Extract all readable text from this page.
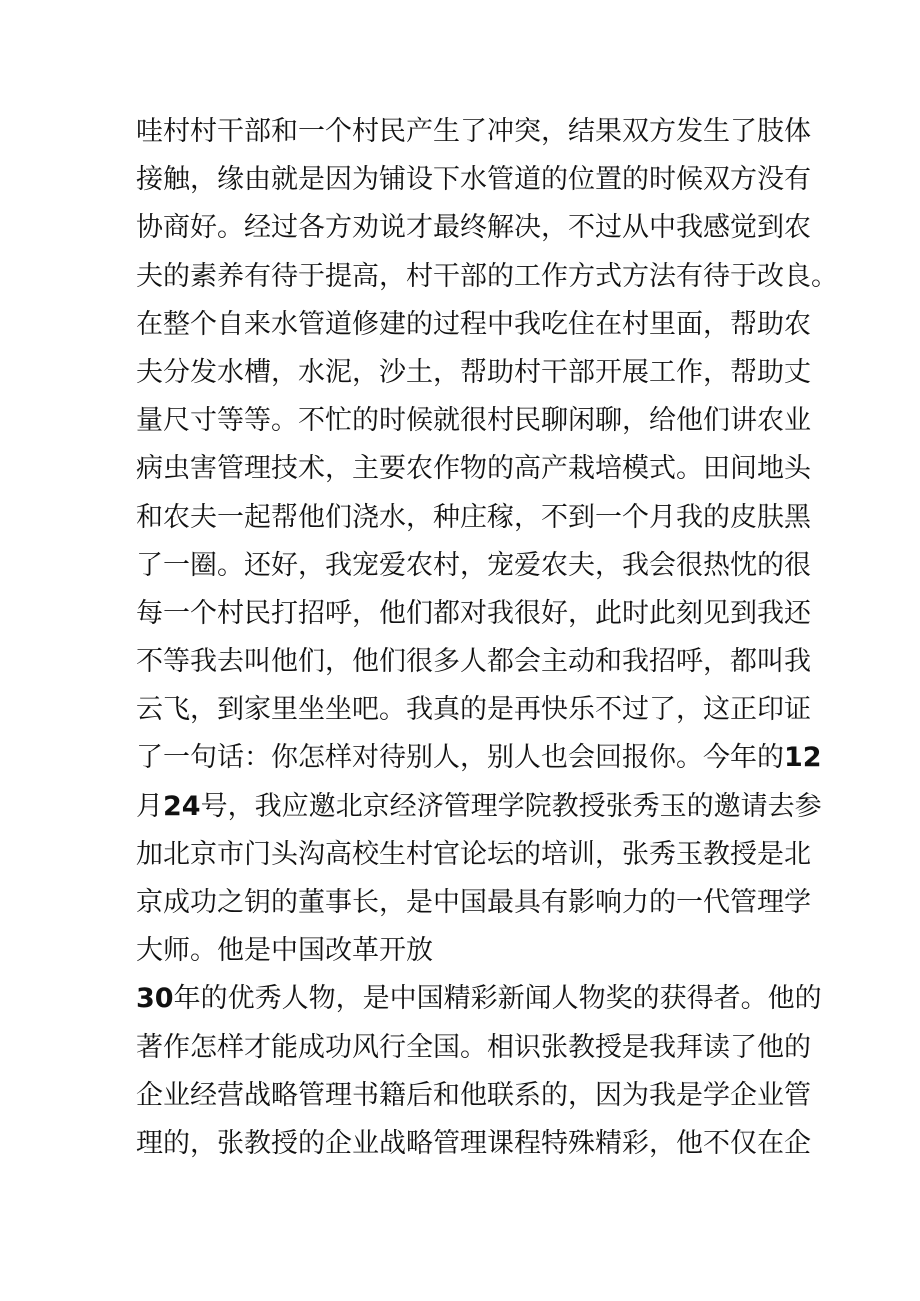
哇村村干部和一个村民产生了冲突，结果双方发生了肢体
接触，缘由就是因为铺设下水管道的位置的时候双方没有
协商好。经过各方劝说才最终解决，不过从中我感觉到农
夫的素养有待于提高，村干部的工作方式方法有待于改良。
在整个自来水管道修建的过程中我吃住在村里面，帮助农
夫分发水槽，水泥，沙土，帮助村干部开展工作，帮助丈
量尺寸等等。不忙的时候就很村民聊闲聊，给他们讲农业
病虫害管理技术，主要农作物的高产栽培模式。田间地头
和农夫一起帮他们浇水，种庄稼，不到一个月我的皮肤黑
了一圈。还好，我宠爱农村，宠爱农夫，我会很热忱的很
每一个村民打招呼，他们都对我很好，此时此刻见到我还
不等我去叫他们，他们很多人都会主动和我招呼，都叫我
云飞，到家里坐坐吧。我真的是再快乐不过了，这正印证
了一句话：你怎样对待别人，别人也会回报你。今年的12
月24号，我应邀北京经济管理学院教授张秀玉的邀请去参
加北京市门头沟高校生村官论坛的培训，张秀玉教授是北
京成功之钥的董事长，是中国最具有影响力的一代管理学
大师。他是中国改革开放
30年的优秀人物，是中国精彩新闻人物奖的获得者。他的
著作怎样才能成功风行全国。相识张教授是我拜读了他的
企业经营战略管理书籍后和他联系的，因为我是学企业管
理的，张教授的企业战略管理课程特殊精彩，他不仅在企
